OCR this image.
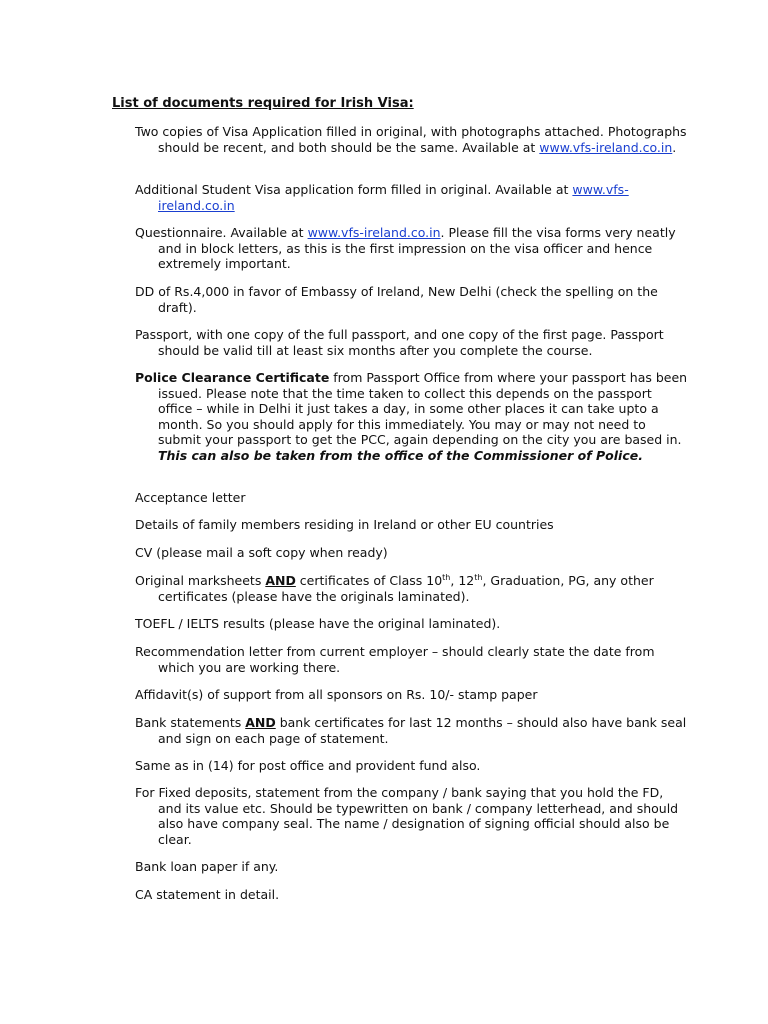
List of documents required for Irish Visa:
Two copies of Visa Application filled in original, with photographs attached. Photographs should be recent, and both should be the same. Available at www.vfs-ireland.co.in.
Additional Student Visa application form filled in original. Available at www.vfs-
ireland.co.in
Questionnaire. Available at www.vfs-ireland.co.in. Please fill the visa forms very neatly and in block letters, as this is the first impression on the visa officer and hence extremely important.
DD of Rs.4,000 in favor of Embassy of Ireland, New Delhi (check the spelling on the draft).
Passport, with one copy of the full passport, and one copy of the first page. Passport should be valid till at least six months after you complete the course.
Police Clearance Certificate from Passport Office from where your passport has been issued. Please note that the time taken to collect this depends on the passport office – while in Delhi it just takes a day, in some other places it can take upto a month. So you should apply for this immediately. You may or may not need to submit your passport to get the PCC, again depending on the city you are based in. This can also be taken from the office of the Commissioner of Police.
Acceptance letter
Details of family members residing in Ireland or other EU countries
CV (please mail a soft copy when ready)
Original marksheets AND certificates of Class 10th, 12th, Graduation, PG, any other certificates (please have the originals laminated).
TOEFL / IELTS results (please have the original laminated).
Recommendation letter from current employer – should clearly state the date from which you are working there.
Affidavit(s) of support from all sponsors on Rs. 10/- stamp paper
Bank statements AND bank certificates for last 12 months – should also have bank seal and sign on each page of statement.
Same as in (14) for post office and provident fund also.
For Fixed deposits, statement from the company / bank saying that you hold the FD, and its value etc. Should be typewritten on bank / company letterhead, and should also have company seal. The name / designation of signing official should also be clear.
Bank loan paper if any.
CA statement in detail.
